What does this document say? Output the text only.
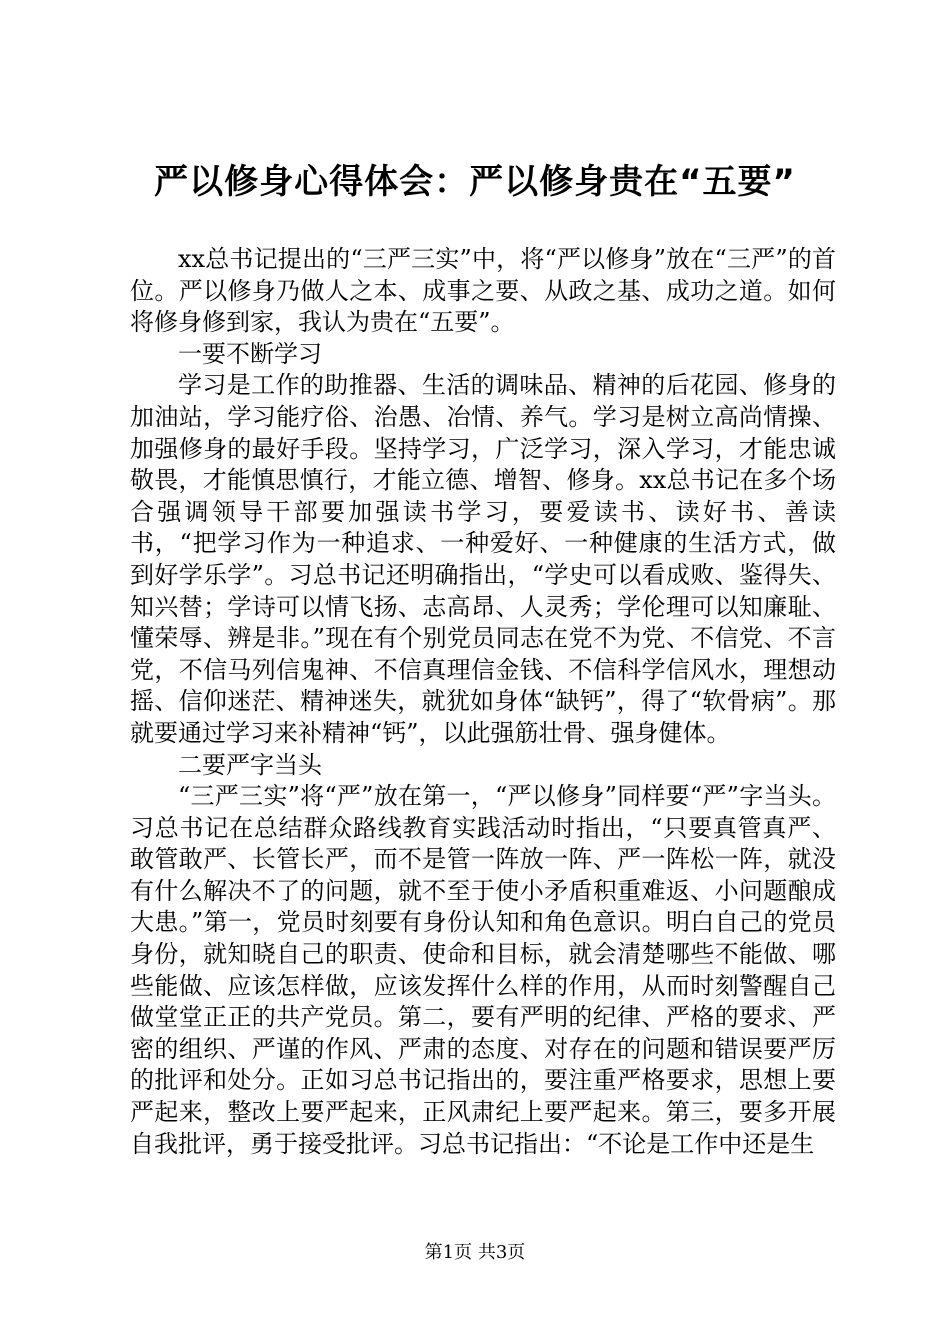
严以修身心得体会：严以修身贵在“五要”

xx总书记提出的“三严三实”中，将“严以修身”放在“三严”的首位。严以修身乃做人之本、成事之要、从政之基、成功之道。如何将修身修到家，我认为贵在“五要”。

一要不断学习

学习是工作的助推器、生活的调味品、精神的后花园、修身的加油站，学习能疗俗、治愚、冶情、养气。学习是树立高尚情操、加强修身的最好手段。坚持学习，广泛学习，深入学习，才能忠诚敬畏，才能慎思慎行，才能立德、增智、修身。xx总书记在多个场合强调领导干部要加强读书学习，要爱读书、读好书、善读书，“把学习作为一种追求、一种爱好、一种健康的生活方式，做到好学乐学”。习总书记还明确指出，“学史可以看成败、鉴得失、知兴替；学诗可以情飞扬、志高昂、人灵秀；学伦理可以知廉耻、懂荣辱、辨是非。”现在有个别党员同志在党不为党、不信党、不言党，不信马列信鬼神、不信真理信金钱、不信科学信风水，理想动摇、信仰迷茫、精神迷失，就犹如身体“缺钙”，得了“软骨病”。那就要通过学习来补精神“钙”，以此强筋壮骨、强身健体。

二要严字当头

“三严三实”将“严”放在第一，“严以修身”同样要“严”字当头。习总书记在总结群众路线教育实践活动时指出，“只要真管真严、敢管敢严、长管长严，而不是管一阵放一阵、严一阵松一阵，就没有什么解决不了的问题，就不至于使小矛盾积重难返、小问题酿成大患。”第一，党员时刻要有身份认知和角色意识。明白自己的党员身份，就知晓自己的职责、使命和目标，就会清楚哪些不能做、哪些能做、应该怎样做，应该发挥什么样的作用，从而时刻警醒自己做堂堂正正的共产党员。第二，要有严明的纪律、严格的要求、严密的组织、严谨的作风、严肃的态度、对存在的问题和错误要严厉的批评和处分。正如习总书记指出的，要注重严格要求，思想上要严起来，整改上要严起来，正风肃纪上要严起来。第三，要多开展自我批评，勇于接受批评。习总书记指出：“不论是工作中还是生

第1页 共3页
